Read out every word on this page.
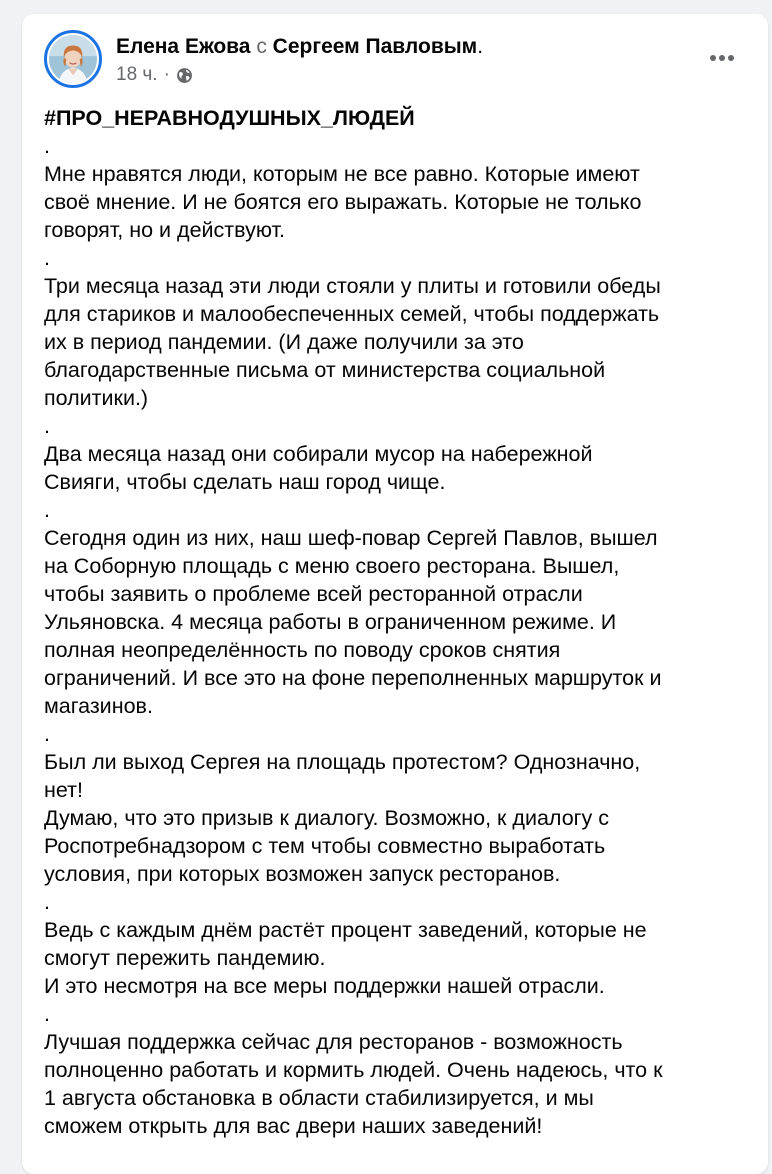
Елена Ежова с Сергеем Павловым.
18 ч. ·
#ПРО_НЕРАВНОДУШНЫХ_ЛЮДЕЙ
.
Мне нравятся люди, которым не все равно. Которые имеют
своё мнение. И не боятся его выражать. Которые не только
говорят, но и действуют.
.
Три месяца назад эти люди стояли у плиты и готовили обеды
для стариков и малообеспеченных семей, чтобы поддержать
их в период пандемии. (И даже получили за это
благодарственные письма от министерства социальной
политики.)
.
Два месяца назад они собирали мусор на набережной
Свияги, чтобы сделать наш город чище.
.
Сегодня один из них, наш шеф-повар Сергей Павлов, вышел
на Соборную площадь с меню своего ресторана. Вышел,
чтобы заявить о проблеме всей ресторанной отрасли
Ульяновска. 4 месяца работы в ограниченном режиме. И
полная неопределённость по поводу сроков снятия
ограничений. И все это на фоне переполненных маршруток и
магазинов.
.
Был ли выход Сергея на площадь протестом? Однозначно,
нет!
Думаю, что это призыв к диалогу. Возможно, к диалогу с
Роспотребнадзором с тем чтобы совместно выработать
условия, при которых возможен запуск ресторанов.
.
Ведь с каждым днём растёт процент заведений, которые не
смогут пережить пандемию.
И это несмотря на все меры поддержки нашей отрасли.
.
Лучшая поддержка сейчас для ресторанов - возможность
полноценно работать и кормить людей. Очень надеюсь, что к
1 августа обстановка в области стабилизируется, и мы
сможем открыть для вас двери наших заведений!
